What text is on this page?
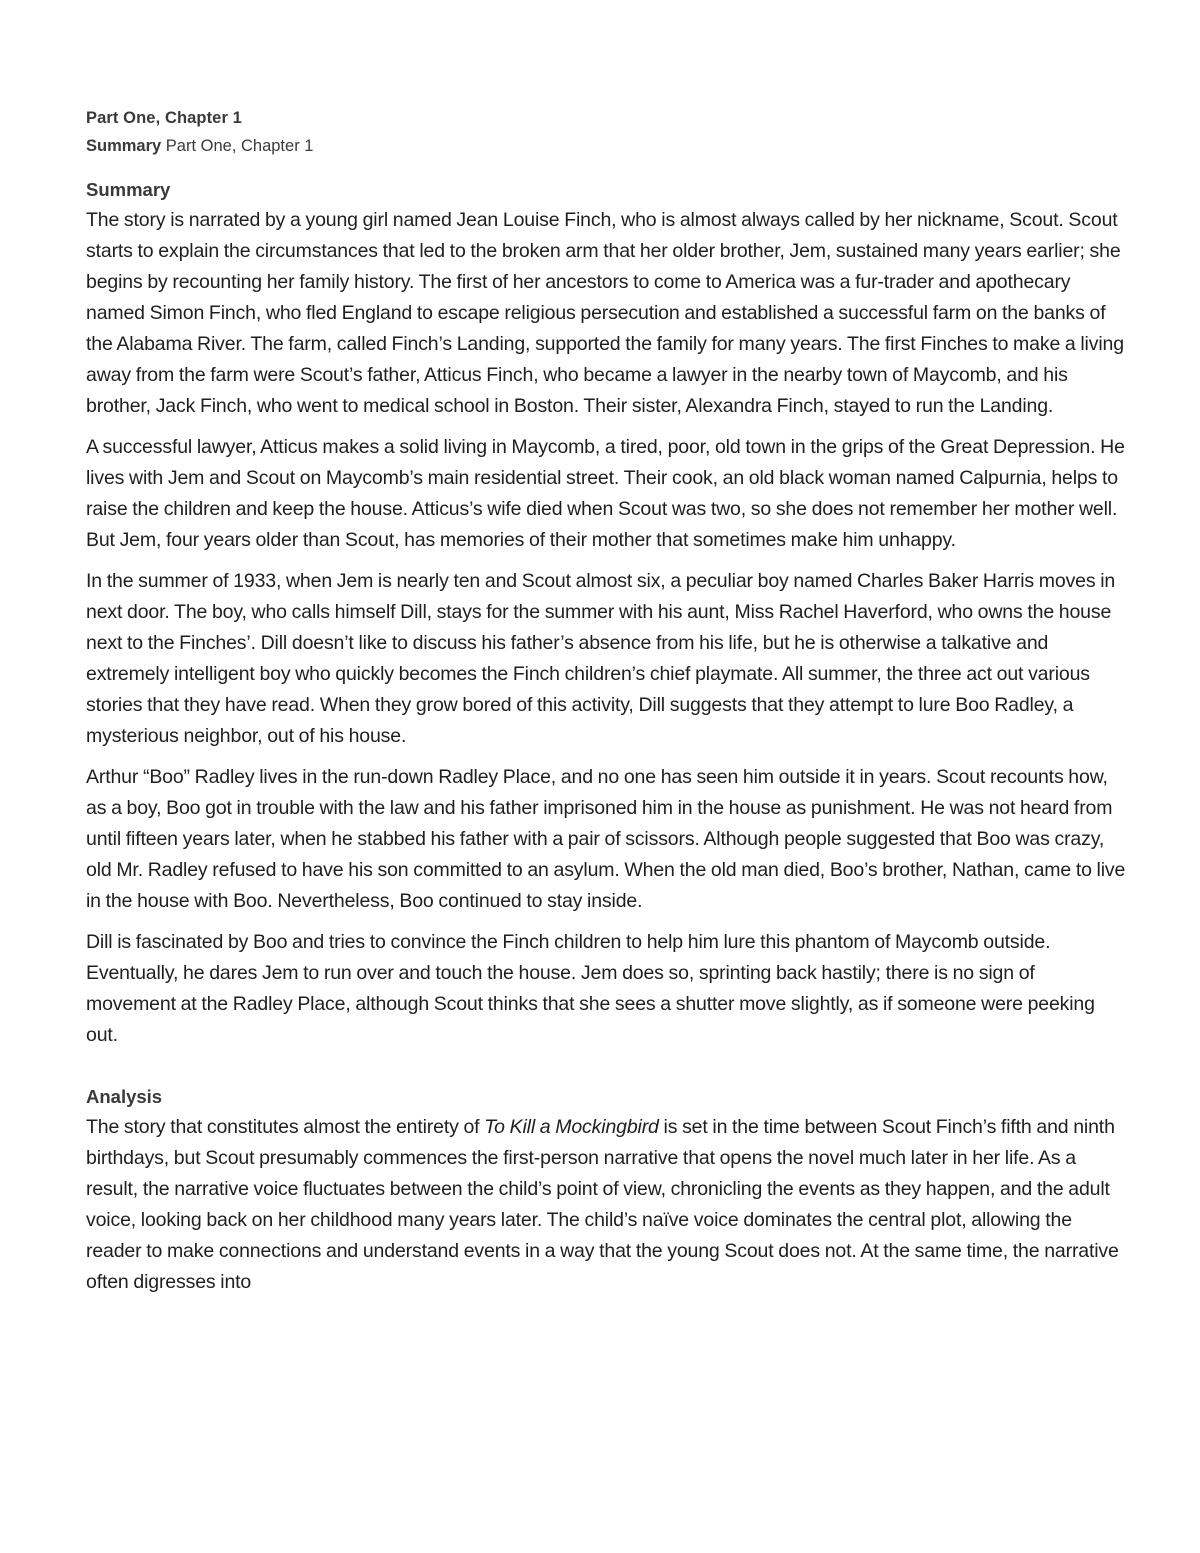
Part One, Chapter 1
Summary Part One, Chapter 1
Summary

The story is narrated by a young girl named Jean Louise Finch, who is almost always called by her nickname, Scout. Scout starts to explain the circumstances that led to the broken arm that her older brother, Jem, sustained many years earlier; she begins by recounting her family history. The first of her ancestors to come to America was a fur-trader and apothecary named Simon Finch, who fled England to escape religious persecution and established a successful farm on the banks of the Alabama River. The farm, called Finch’s Landing, supported the family for many years. The first Finches to make a living away from the farm were Scout’s father, Atticus Finch, who became a lawyer in the nearby town of Maycomb, and his brother, Jack Finch, who went to medical school in Boston. Their sister, Alexandra Finch, stayed to run the Landing.

A successful lawyer, Atticus makes a solid living in Maycomb, a tired, poor, old town in the grips of the Great Depression. He lives with Jem and Scout on Maycomb’s main residential street. Their cook, an old black woman named Calpurnia, helps to raise the children and keep the house. Atticus’s wife died when Scout was two, so she does not remember her mother well. But Jem, four years older than Scout, has memories of their mother that sometimes make him unhappy.

In the summer of 1933, when Jem is nearly ten and Scout almost six, a peculiar boy named Charles Baker Harris moves in next door. The boy, who calls himself Dill, stays for the summer with his aunt, Miss Rachel Haverford, who owns the house next to the Finches’. Dill doesn’t like to discuss his father’s absence from his life, but he is otherwise a talkative and extremely intelligent boy who quickly becomes the Finch children’s chief playmate. All summer, the three act out various stories that they have read. When they grow bored of this activity, Dill suggests that they attempt to lure Boo Radley, a mysterious neighbor, out of his house.

Arthur “Boo” Radley lives in the run-down Radley Place, and no one has seen him outside it in years. Scout recounts how, as a boy, Boo got in trouble with the law and his father imprisoned him in the house as punishment. He was not heard from until fifteen years later, when he stabbed his father with a pair of scissors. Although people suggested that Boo was crazy, old Mr. Radley refused to have his son committed to an asylum. When the old man died, Boo’s brother, Nathan, came to live in the house with Boo. Nevertheless, Boo continued to stay inside.

Dill is fascinated by Boo and tries to convince the Finch children to help him lure this phantom of Maycomb outside. Eventually, he dares Jem to run over and touch the house. Jem does so, sprinting back hastily; there is no sign of movement at the Radley Place, although Scout thinks that she sees a shutter move slightly, as if someone were peeking out.

Analysis

The story that constitutes almost the entirety of To Kill a Mockingbird is set in the time between Scout Finch’s fifth and ninth birthdays, but Scout presumably commences the first-person narrative that opens the novel much later in her life. As a result, the narrative voice fluctuates between the child’s point of view, chronicling the events as they happen, and the adult voice, looking back on her childhood many years later. The child’s naïve voice dominates the central plot, allowing the reader to make connections and understand events in a way that the young Scout does not. At the same time, the narrative often digresses into
